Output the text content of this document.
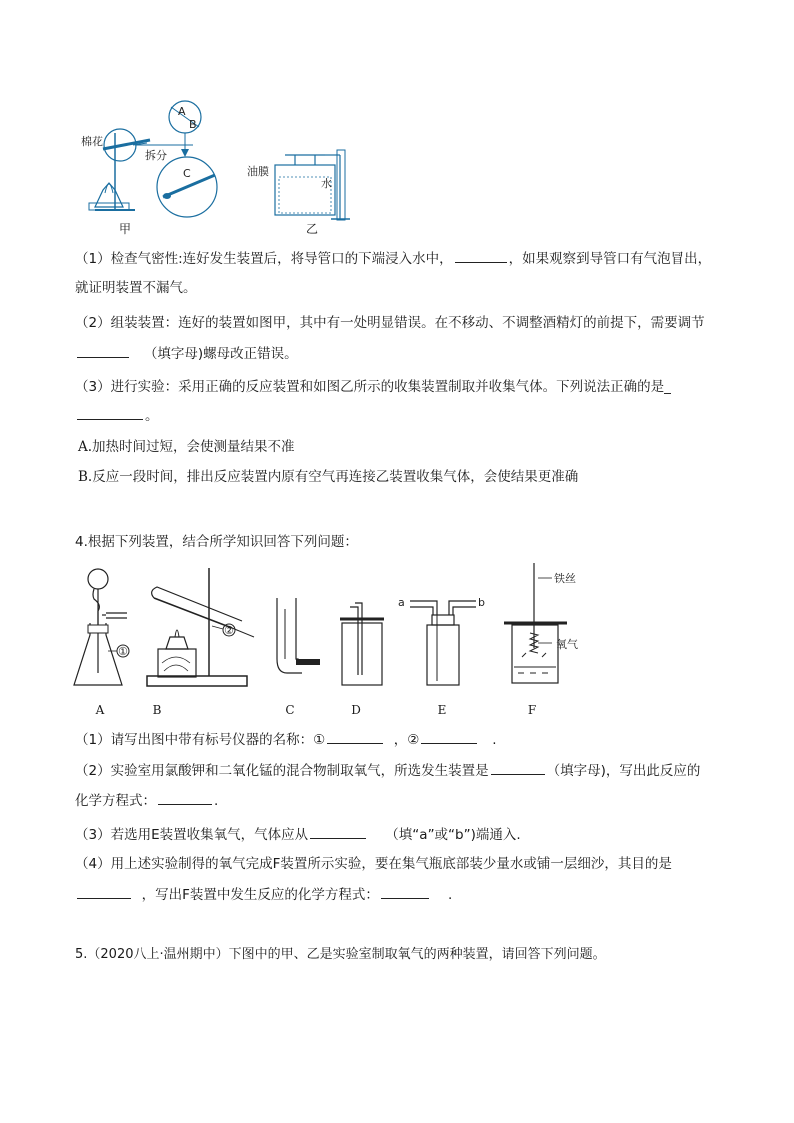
棉花
拆分
A
B
C	油膜
水
甲	乙
（1）检查气密性:连好发生装置后，将导管口的下端浸入水中，	，如果观察到导管口有气泡冒出，
就证明装置不漏气。
（2）组装装置：连好的装置如图甲，其中有一处明显错误。在不移动、不调整酒精灯的前提下，需要调节
（填字母)螺母改正错误。
（3）进行实验：采用正确的反应装置和如图乙所示的收集装置制取并收集气体。下列说法正确的是_
。
A.加热时间过短，会使测量结果不准
B.反应一段时间，排出反应装置内原有空气再连接乙装置收集气体，会使结果更准确
4.根据下列装置，结合所学知识回答下列问题：
①
②
a	b
铁丝
氧气
A	B	C	D	E	F
（1）请写出图中带有标号仪器的名称：①	，②	.
（2）实验室用氯酸钾和二氧化锰的混合物制取氧气，所选发生装置是	（填字母)，写出此反应的
化学方程式：	.
（3）若选用E装置收集氧气，气体应从	（填“a”或“b”)端通入.
（4）用上述实验制得的氧气完成F装置所示实验，要在集气瓶底部装少量水或铺一层细沙，其目的是
，写出F装置中发生反应的化学方程式：	.
5.（2020八上·温州期中）下图中的甲、乙是实验室制取氧气的两种装置，请回答下列问题。
